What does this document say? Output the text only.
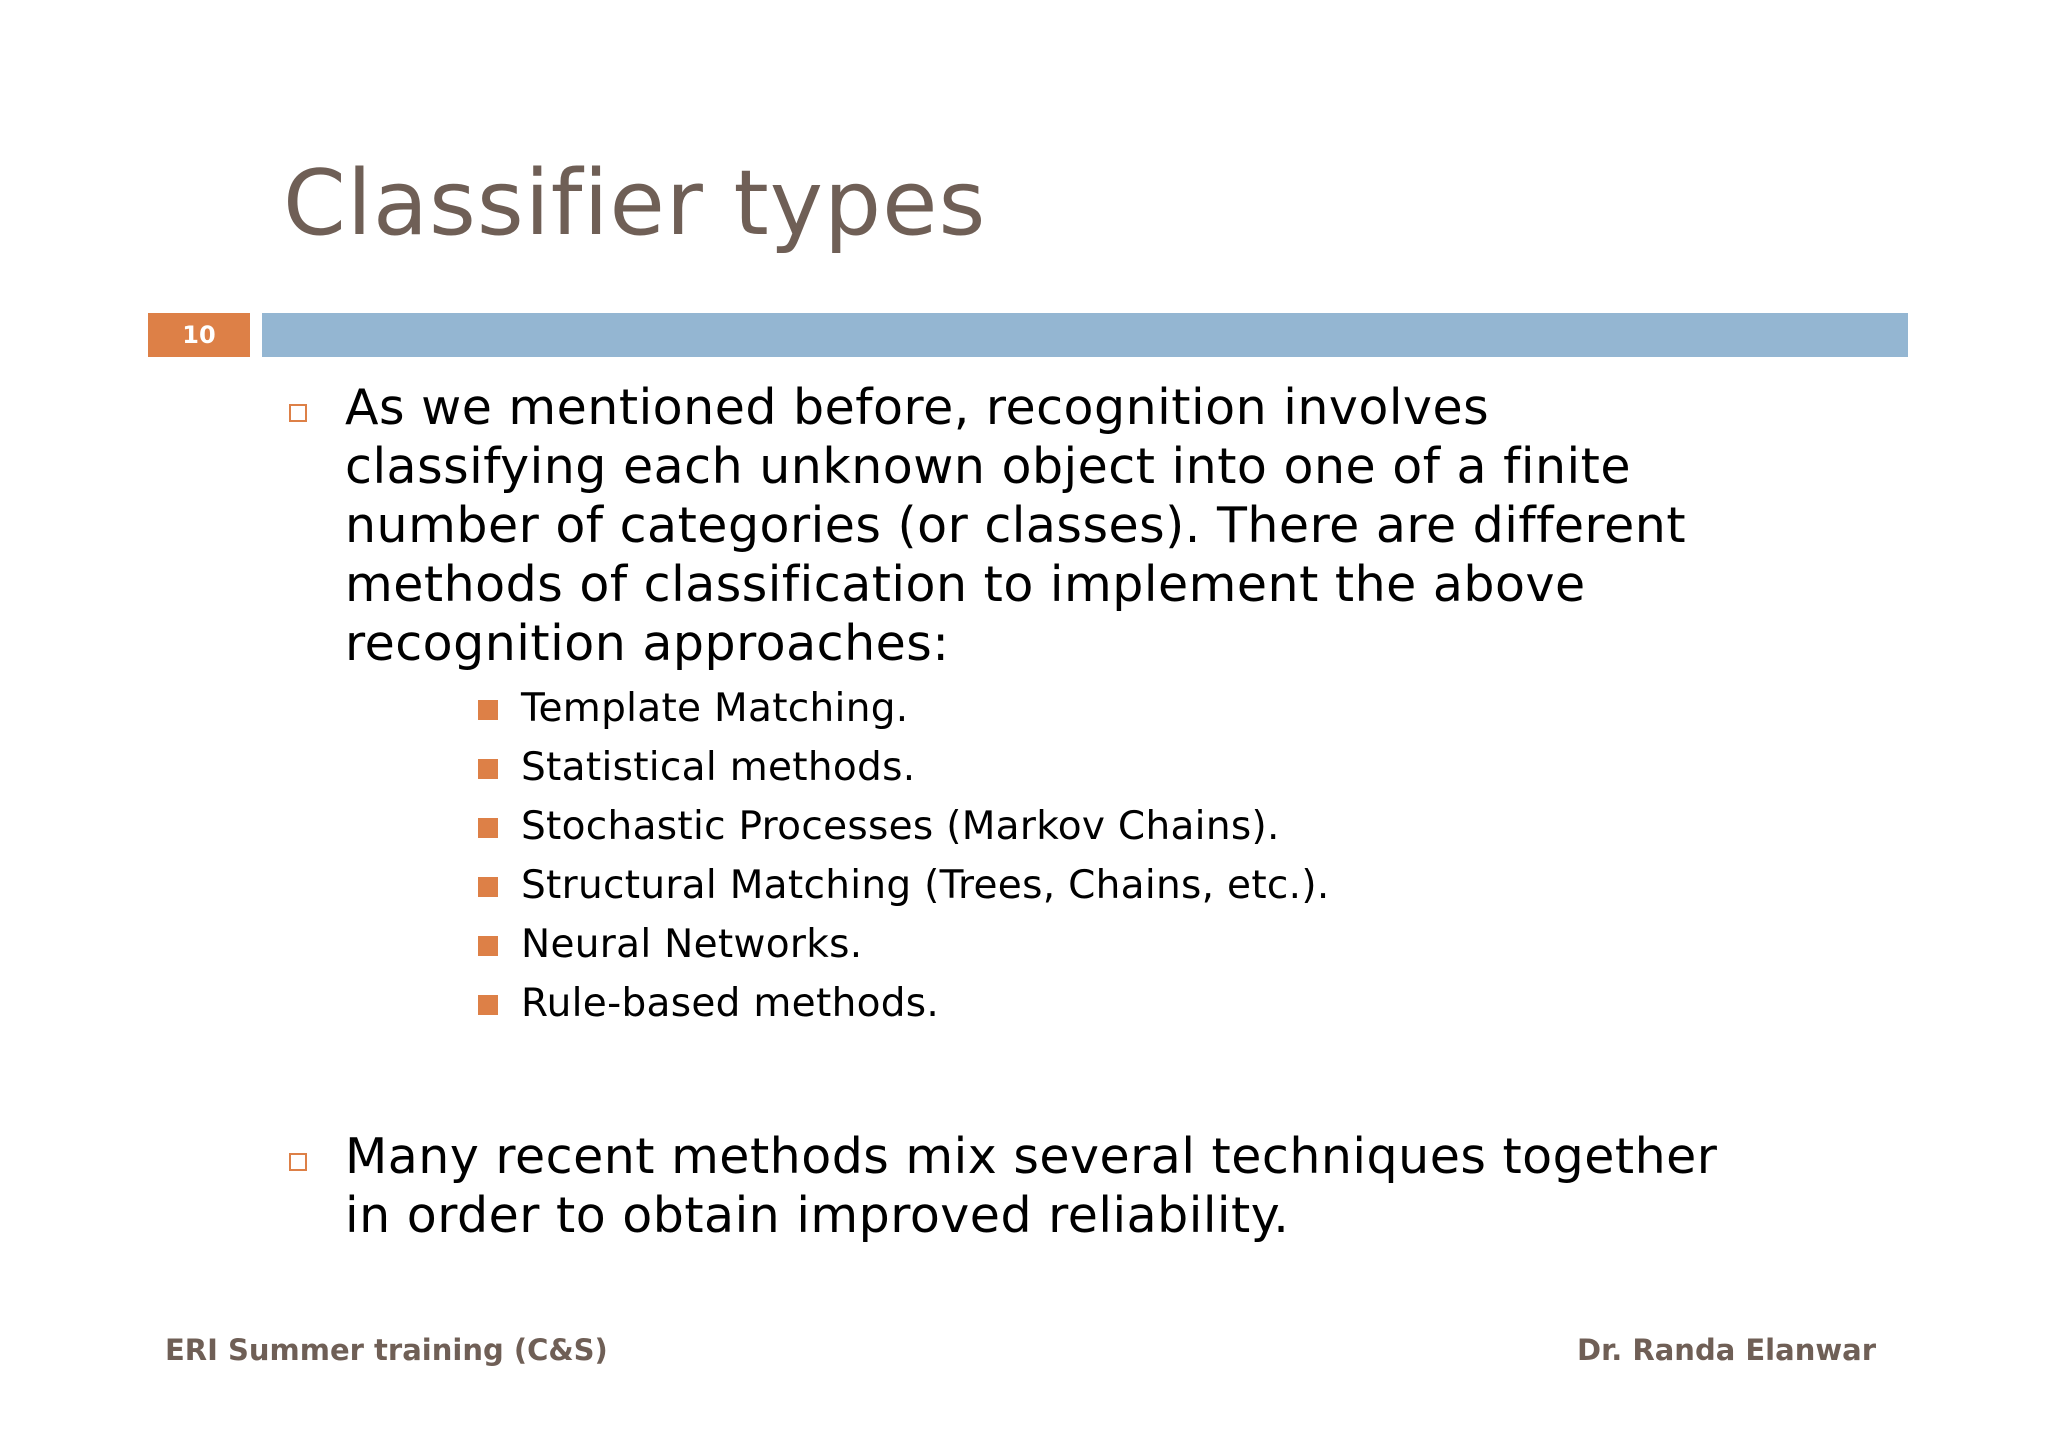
Classifier types
10
As we mentioned before, recognition involves classifying each unknown object into one of a finite number of categories (or classes). There are different methods of classification to implement the above recognition approaches:
Template Matching.
Statistical methods.
Stochastic Processes (Markov Chains).
Structural Matching (Trees, Chains, etc.).
Neural Networks.
Rule-based methods.
Many recent methods mix several techniques together in order to obtain improved reliability.
ERI Summer training (C&S)	Dr. Randa Elanwar
